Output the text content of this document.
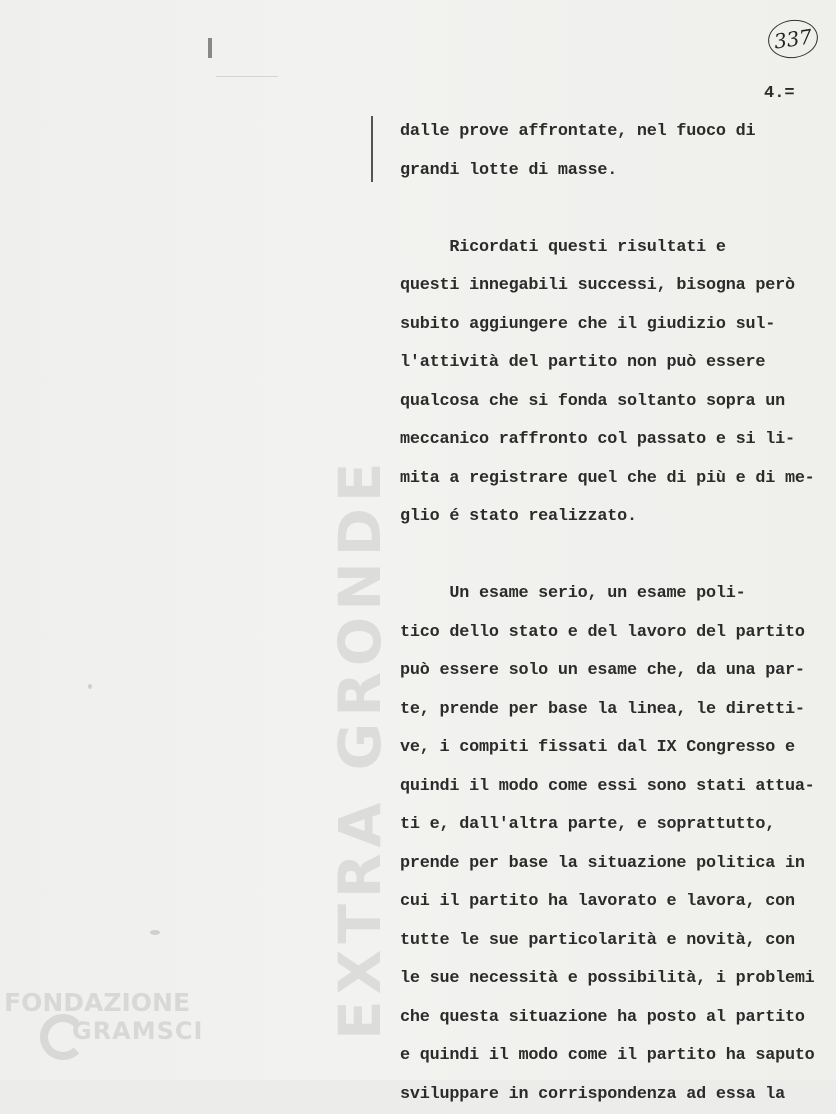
EXTRA GRONDE
337
4.=
dalle prove affrontate, nel fuoco di
grandi lotte di masse.
Ricordati questi risultati e
questi innegabili successi, bisogna però
subito aggiungere che il giudizio sul-
l'attività del partito non può essere
qualcosa che si fonda soltanto sopra un
meccanico raffronto col passato e si li-
mita a registrare quel che di più e di me-
glio é stato realizzato.
Un esame serio, un esame poli-
tico dello stato e del lavoro del partito
può essere solo un esame che, da una par-
te, prende per base la linea, le diretti-
ve, i compiti fissati dal IX Congresso e
quindi il modo come essi sono stati attua-
ti e, dall'altra parte, e soprattutto,
prende per base la situazione politica in
cui il partito ha lavorato e lavora, con
tutte le sue particolarità e novità, con
le sue necessità e possibilità, i problemi
che questa situazione ha posto al partito
e quindi il modo come il partito ha saputo
sviluppare in corrispondenza ad essa la
FONDAZIONE
GRAMSCI
